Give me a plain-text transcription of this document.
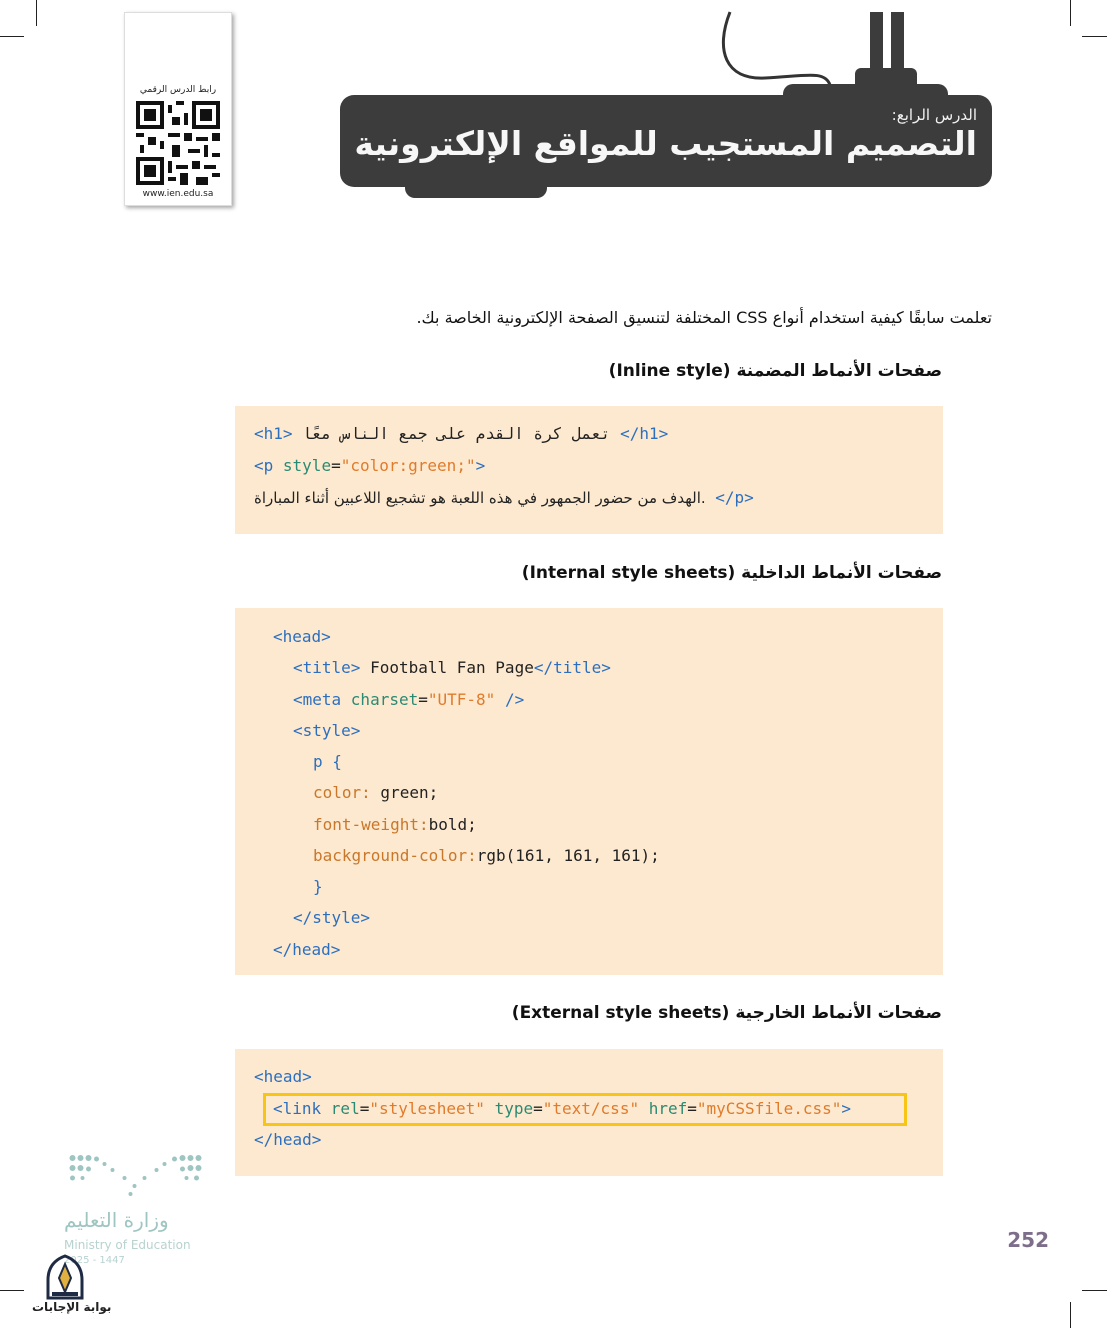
رابط الدرس الرقمي
www.ien.edu.sa
الدرس الرابع:
التصميم المستجيب للمواقع الإلكترونية
تعلمت سابقًا كيفية استخدام أنواع CSS المختلفة لتنسيق الصفحة الإلكترونية الخاصة بك.
صفحات الأنماط المضمنة (Inline style)
<h1> تعمل كرة القدم على جمع الناس معًا </h1>
<p style="color:green;">
الهدف من حضور الجمهور في هذه اللعبة هو تشجيع اللاعبين أثناء المباراة. </p>
صفحات الأنماط الداخلية (Internal style sheets)
<head>
<title> Football Fan Page</title>
<meta charset="UTF-8" />
<style>
p {
color: green;
font-weight:bold;
background-color:rgb(161, 161, 161);
}
</style>
</head>
صفحات الأنماط الخارجية (External style sheets)
<head>
<link rel="stylesheet" type="text/css" href="myCSSfile.css">
</head>
252
وزارة التعليم
Ministry of Education
2025 - 1447
بوابة الإجابات
